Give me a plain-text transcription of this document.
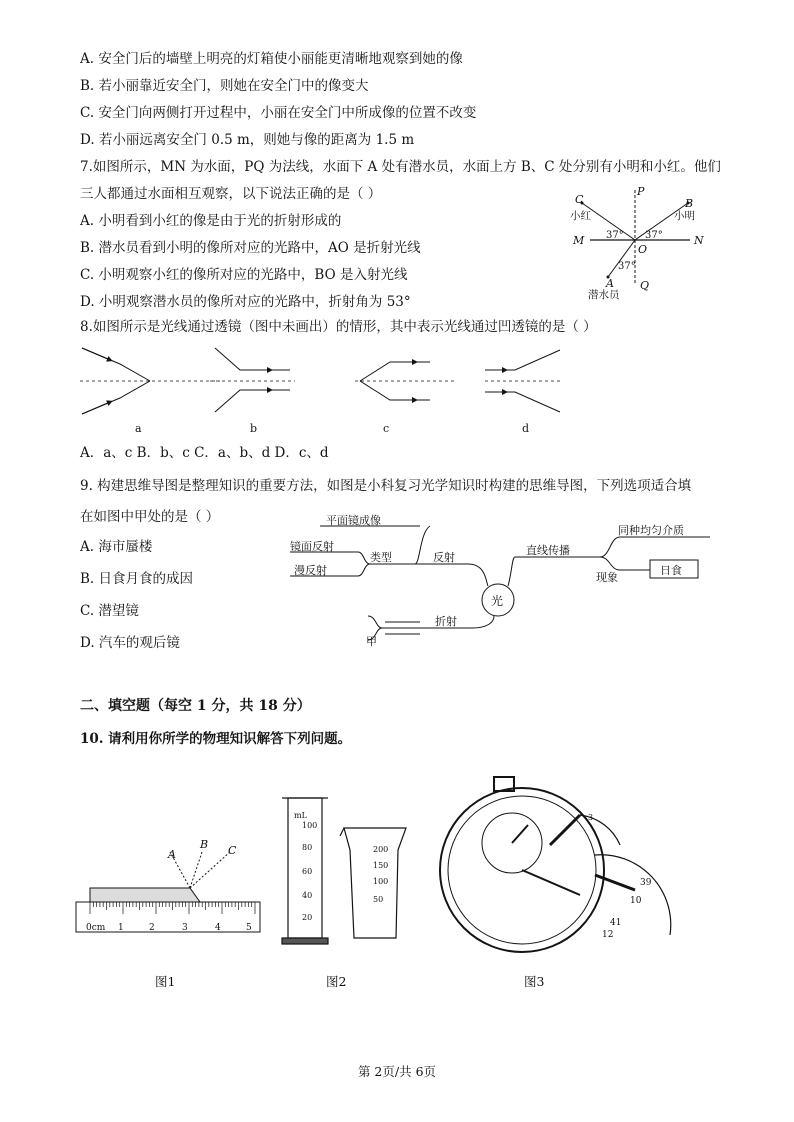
A. 安全门后的墙壁上明亮的灯箱使小丽能更清晰地观察到她的像
B. 若小丽靠近安全门，则她在安全门中的像变大
C. 安全门向两侧打开过程中，小丽在安全门中所成像的位置不改变
D. 若小丽远离安全门 0.5 m，则她与像的距离为 1.5 m
7.如图所示，MN 为水面，PQ 为法线，水面下 A 处有潜水员，水面上方 B、C 处分别有小明和小红。他们
三人都通过水面相互观察，以下说法正确的是（ ）
A. 小明看到小红的像是由于光的折射形成的
B. 潜水员看到小明的像所对应的光路中，AO 是折射光线
C. 小明观察小红的像所对应的光路中，BO 是入射光线
D. 小明观察潜水员的像所对应的光路中，折射角为 53°
P
Q
M	N
O
C	B
A
小红	小明
潜水员
37° 37°
37°
8.如图所示是光线通过透镜（图中未画出）的情形，其中表示光线通过凹透镜的是（ ）
a	b	c	d
A．a、c B．b、c C．a、b、d D．c、d
9. 构建思维导图是整理知识的重要方法，如图是小科复习光学知识时构建的思维导图，下列选项适合填
在如图中甲处的是（ ）
A. 海市蜃楼
B. 日食月食的成因
C. 潜望镜
D. 汽车的观后镜
光
平面镜成像
镜面反射
漫反射
类型	反射
直线传播
同种均匀介质
现象
日食
折射
甲
二、填空题（每空 1 分，共 18 分）
10. 请利用你所学的物理知识解答下列问题。
A
B C
0cm 1	2	3	4	5
图1
mL
100
80
60
40
20
200
150
100
50
图2
3
39
10
41
12
图3
第 2页/共 6页
